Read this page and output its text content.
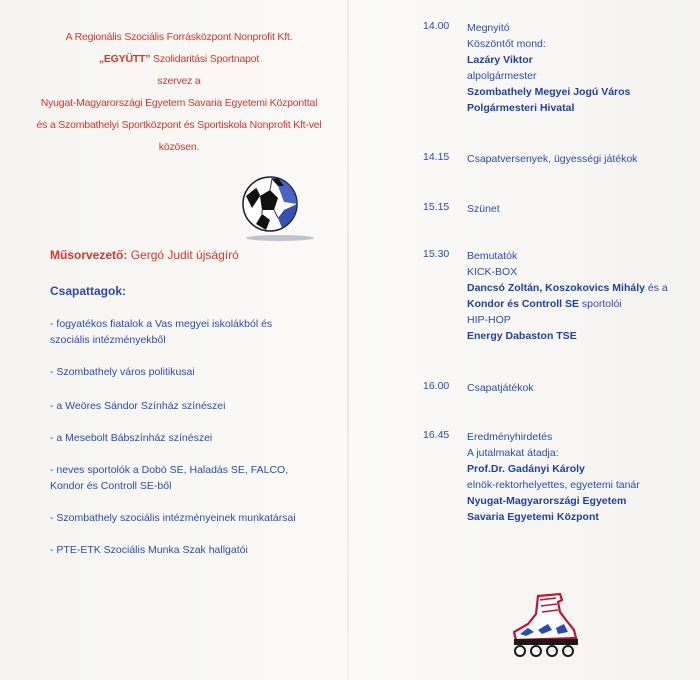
A Regionális Szociális Forrásközpont Nonprofit Kft.
„EGYÜTT” Szolidaritási Sportnapot
szervez a
Nyugat-Magyarországi Egyetem Savaria Egyetemi Központtal
és a Szombathelyi Sportközpont és Sportiskola Nonprofit Kft-vel
közösen.
Műsorvezető: Gergó Judit újságíró
Csapattagok:
- fogyatékos fiatalok a Vas megyei iskolákból és
szociális intézményekből
- Szombathely város politikusai
- a Weöres Sándor Színház színészei
- a Mesebolt Bábszínház színészei
- neves sportolók a Dobó SE, Haladás SE, FALCO,
Kondor és Controll SE-ből
- Szombathely szociális intézményeinek munkatársai
- PTE-ETK Szociális Munka Szak hallgatói
14.00 Megnyitó
Köszöntőt mond:
Lazáry Viktor
alpolgármester
Szombathely Megyei Jogú Város
Polgármesteri Hivatal
14.15 Csapatversenyek, ügyességi játékok
15.15 Szünet
15.30 Bemutatók
KICK-BOX
Dancsó Zoltán, Koszokovics Mihály és a
Kondor és Controll SE sportolói
HIP-HOP
Energy Dabaston TSE
16.00 Csapatjátékok
16.45 Eredményhirdetés
A jutalmakat átadja:
Prof.Dr. Gadányi Károly
elnök-rektorhelyettes, egyetemi tanár
Nyugat-Magyarországi Egyetem
Savaria Egyetemi Központ
